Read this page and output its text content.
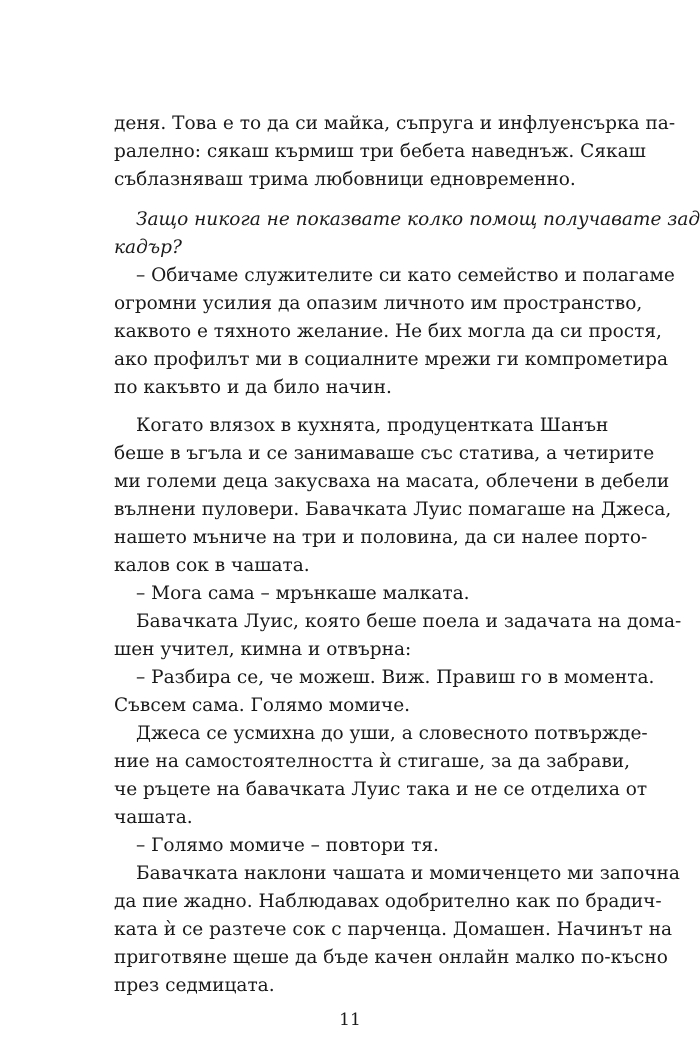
деня. Това е то да си майка, съпруга и инфлуенсърка па-
ралелно: сякаш кърмиш три бебета наведнъж. Сякаш
съблазняваш трима любовници едновременно.
Защо никога не показвате колко помощ получавате зад
кадър?
– Обичаме служителите си като семейство и полагаме
огромни усилия да опазим личното им пространство,
каквото е тяхното желание. Не бих могла да си простя,
ако профилът ми в социалните мрежи ги компрометира
по какъвто и да било начин.
Когато влязох в кухнята, продуцентката Шанън
беше в ъгъла и се занимаваше със статива, а четирите
ми големи деца закусваха на масата, облечени в дебели
вълнени пуловери. Бавачката Луис помагаше на Джеса,
нашето мъниче на три и половина, да си налее порто-
калов сок в чашата.
– Мога сама – мрънкаше малката.
Бавачката Луис, която беше поела и задачата на дома-
шен учител, кимна и отвърна:
– Разбира се, че можеш. Виж. Правиш го в момента.
Съвсем сама. Голямо момиче.
Джеса се усмихна до уши, а словесното потвържде-
ние на самостоятелността ѝ стигаше, за да забрави,
че ръцете на бавачката Луис така и не се отделиха от
чашата.
– Голямо момиче – повтори тя.
Бавачката наклони чашата и момиченцето ми започна
да пие жадно. Наблюдавах одобрително как по брадич-
ката ѝ се разтече сок с парченца. Домашен. Начинът на
приготвяне щеше да бъде качен онлайн малко по-късно
през седмицата.
11
